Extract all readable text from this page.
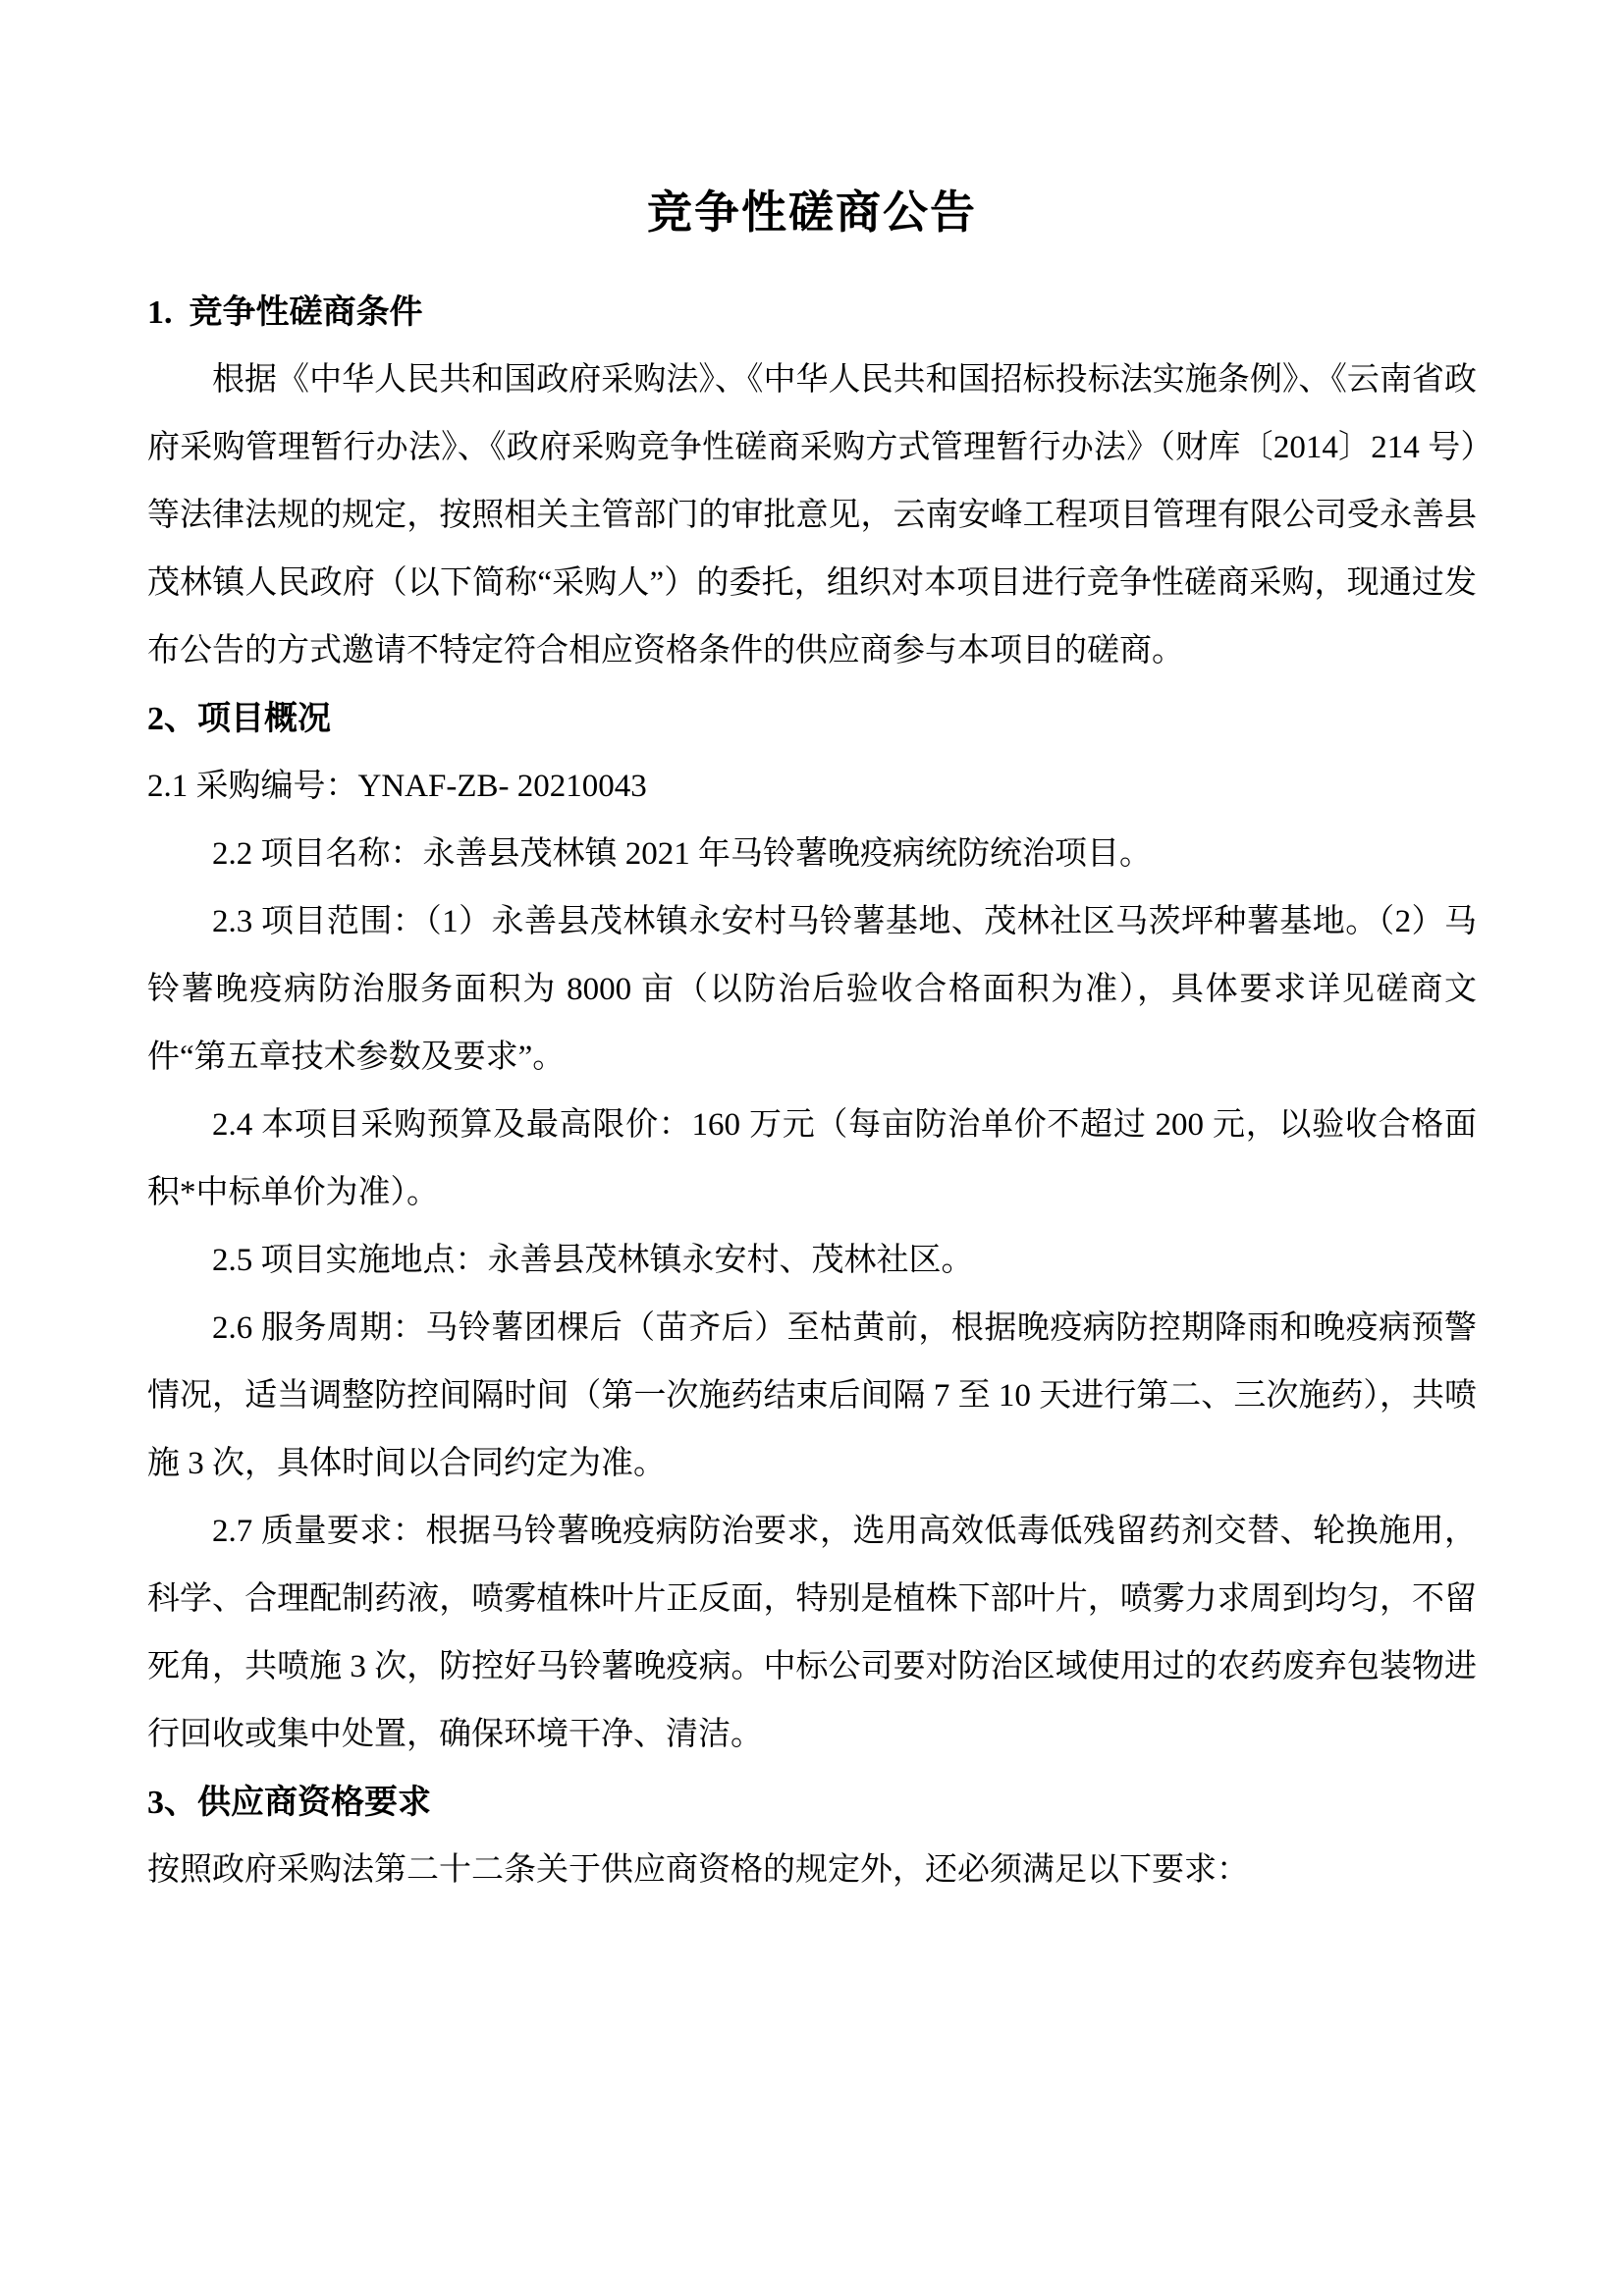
竞争性磋商公告
1.  竞争性磋商条件

根据《中华人民共和国政府采购法》、《中华人民共和国招标投标法实施条例》、《云南省政府采购管理暂行办法》、《政府采购竞争性磋商采购方式管理暂行办法》（财库〔2014〕214 号）等法律法规的规定，按照相关主管部门的审批意见，云南安峰工程项目管理有限公司受永善县茂林镇人民政府（以下简称“采购人”）的委托，组织对本项目进行竞争性磋商采购，现通过发布公告的方式邀请不特定符合相应资格条件的供应商参与本项目的磋商。

2、项目概况

2.1 采购编号：YNAF-ZB- 20210043

2.2 项目名称：永善县茂林镇 2021 年马铃薯晚疫病统防统治项目。

2.3 项目范围：（1）永善县茂林镇永安村马铃薯基地、茂林社区马茨坪种薯基地。（2）马铃薯晚疫病防治服务面积为 8000 亩（以防治后验收合格面积为准），具体要求详见磋商文件“第五章技术参数及要求”。

2.4 本项目采购预算及最高限价：160 万元（每亩防治单价不超过 200 元，以验收合格面积*中标单价为准）。

2.5 项目实施地点：永善县茂林镇永安村、茂林社区。

2.6 服务周期：马铃薯团棵后（苗齐后）至枯黄前，根据晚疫病防控期降雨和晚疫病预警情况，适当调整防控间隔时间（第一次施药结束后间隔 7 至 10 天进行第二、三次施药），共喷施 3 次，具体时间以合同约定为准。

2.7 质量要求：根据马铃薯晚疫病防治要求，选用高效低毒低残留药剂交替、轮换施用，科学、合理配制药液，喷雾植株叶片正反面，特别是植株下部叶片，喷雾力求周到均匀，不留死角，共喷施 3 次，防控好马铃薯晚疫病。中标公司要对防治区域使用过的农药废弃包装物进行回收或集中处置，确保环境干净、清洁。

3、供应商资格要求

按照政府采购法第二十二条关于供应商资格的规定外，还必须满足以下要求：
